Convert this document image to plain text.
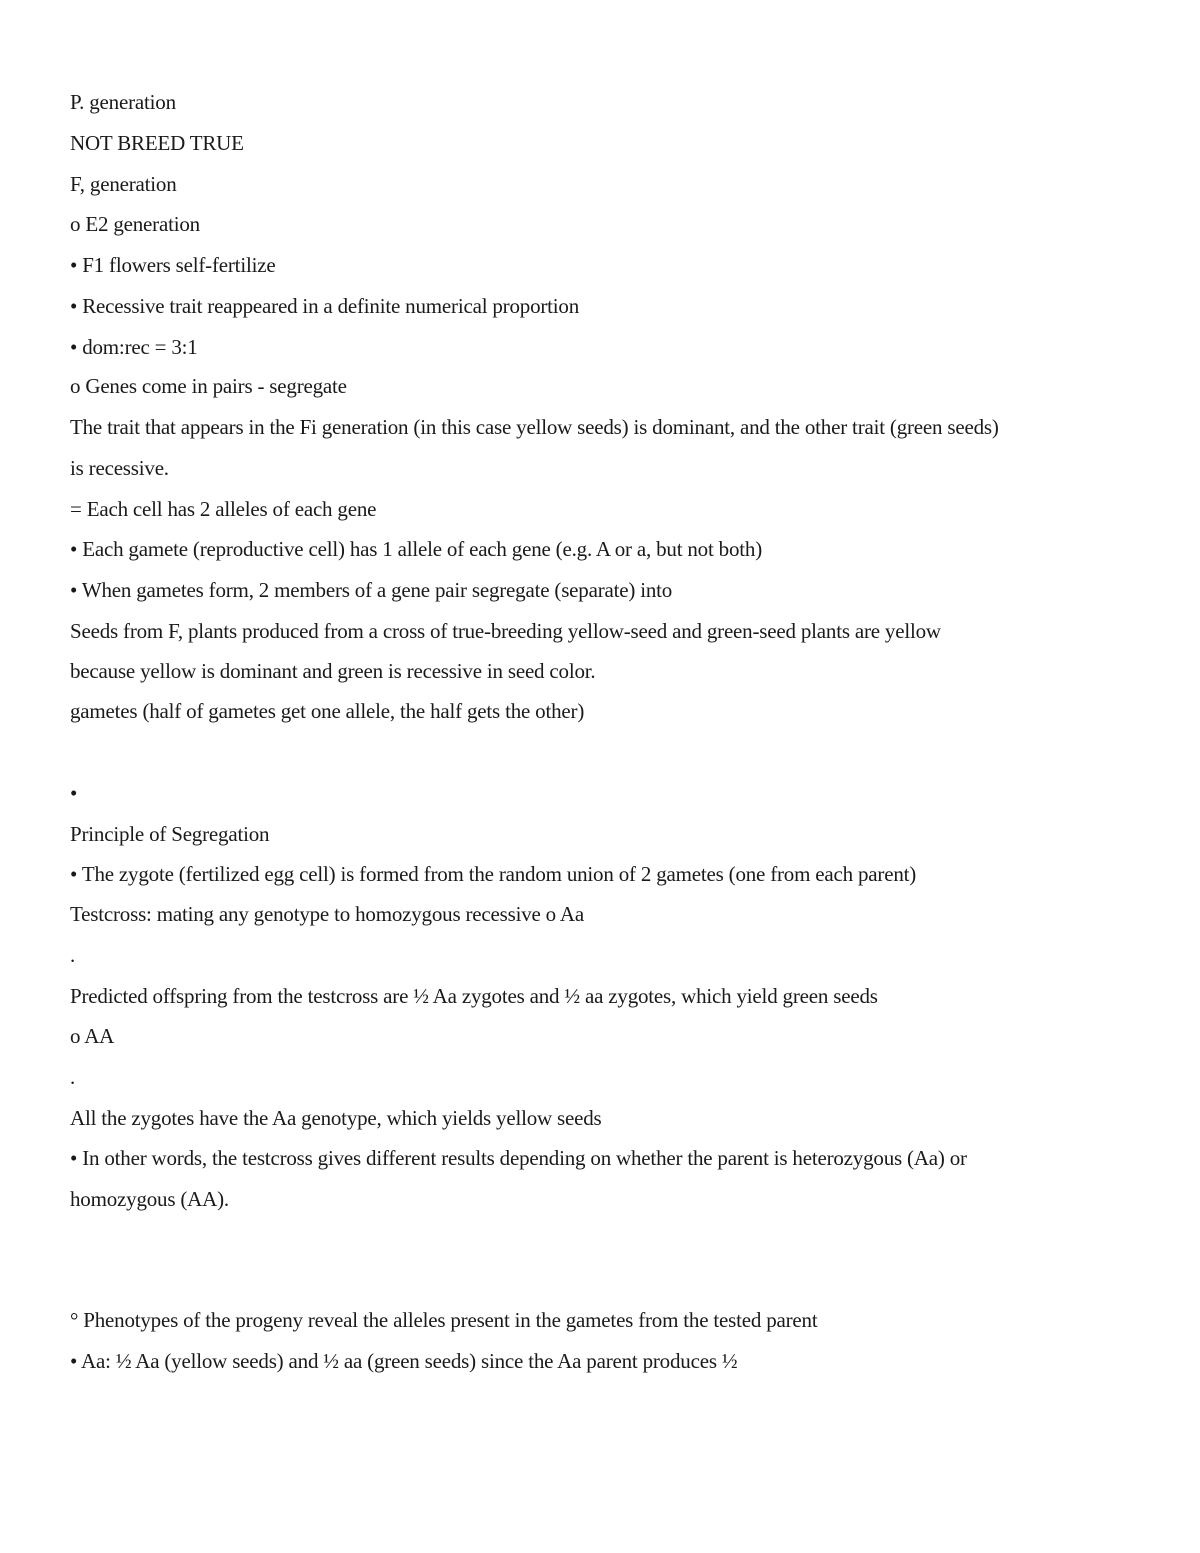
P. generation
NOT BREED TRUE
F, generation
o E2 generation
• F1 flowers self-fertilize
• Recessive trait reappeared in a definite numerical proportion
• dom:rec = 3:1
o Genes come in pairs - segregate
The trait that appears in the Fi generation (in this case yellow seeds) is dominant, and the other trait (green seeds)
is recessive.
= Each cell has 2 alleles of each gene
• Each gamete (reproductive cell) has 1 allele of each gene (e.g. A or a, but not both)
• When gametes form, 2 members of a gene pair segregate (separate) into
Seeds from F, plants produced from a cross of true-breeding yellow-seed and green-seed plants are yellow
because yellow is dominant and green is recessive in seed color.
gametes (half of gametes get one allele, the half gets the other)
•
Principle of Segregation
• The zygote (fertilized egg cell) is formed from the random union of 2 gametes (one from each parent)
Testcross: mating any genotype to homozygous recessive o Aa
.
Predicted offspring from the testcross are ½ Aa zygotes and ½ aa zygotes, which yield green seeds
o AA
.
All the zygotes have the Aa genotype, which yields yellow seeds
• In other words, the testcross gives different results depending on whether the parent is heterozygous (Aa) or
homozygous (AA).
° Phenotypes of the progeny reveal the alleles present in the gametes from the tested parent
• Aa: ½ Aa (yellow seeds) and ½ aa (green seeds) since the Aa parent produces ½
